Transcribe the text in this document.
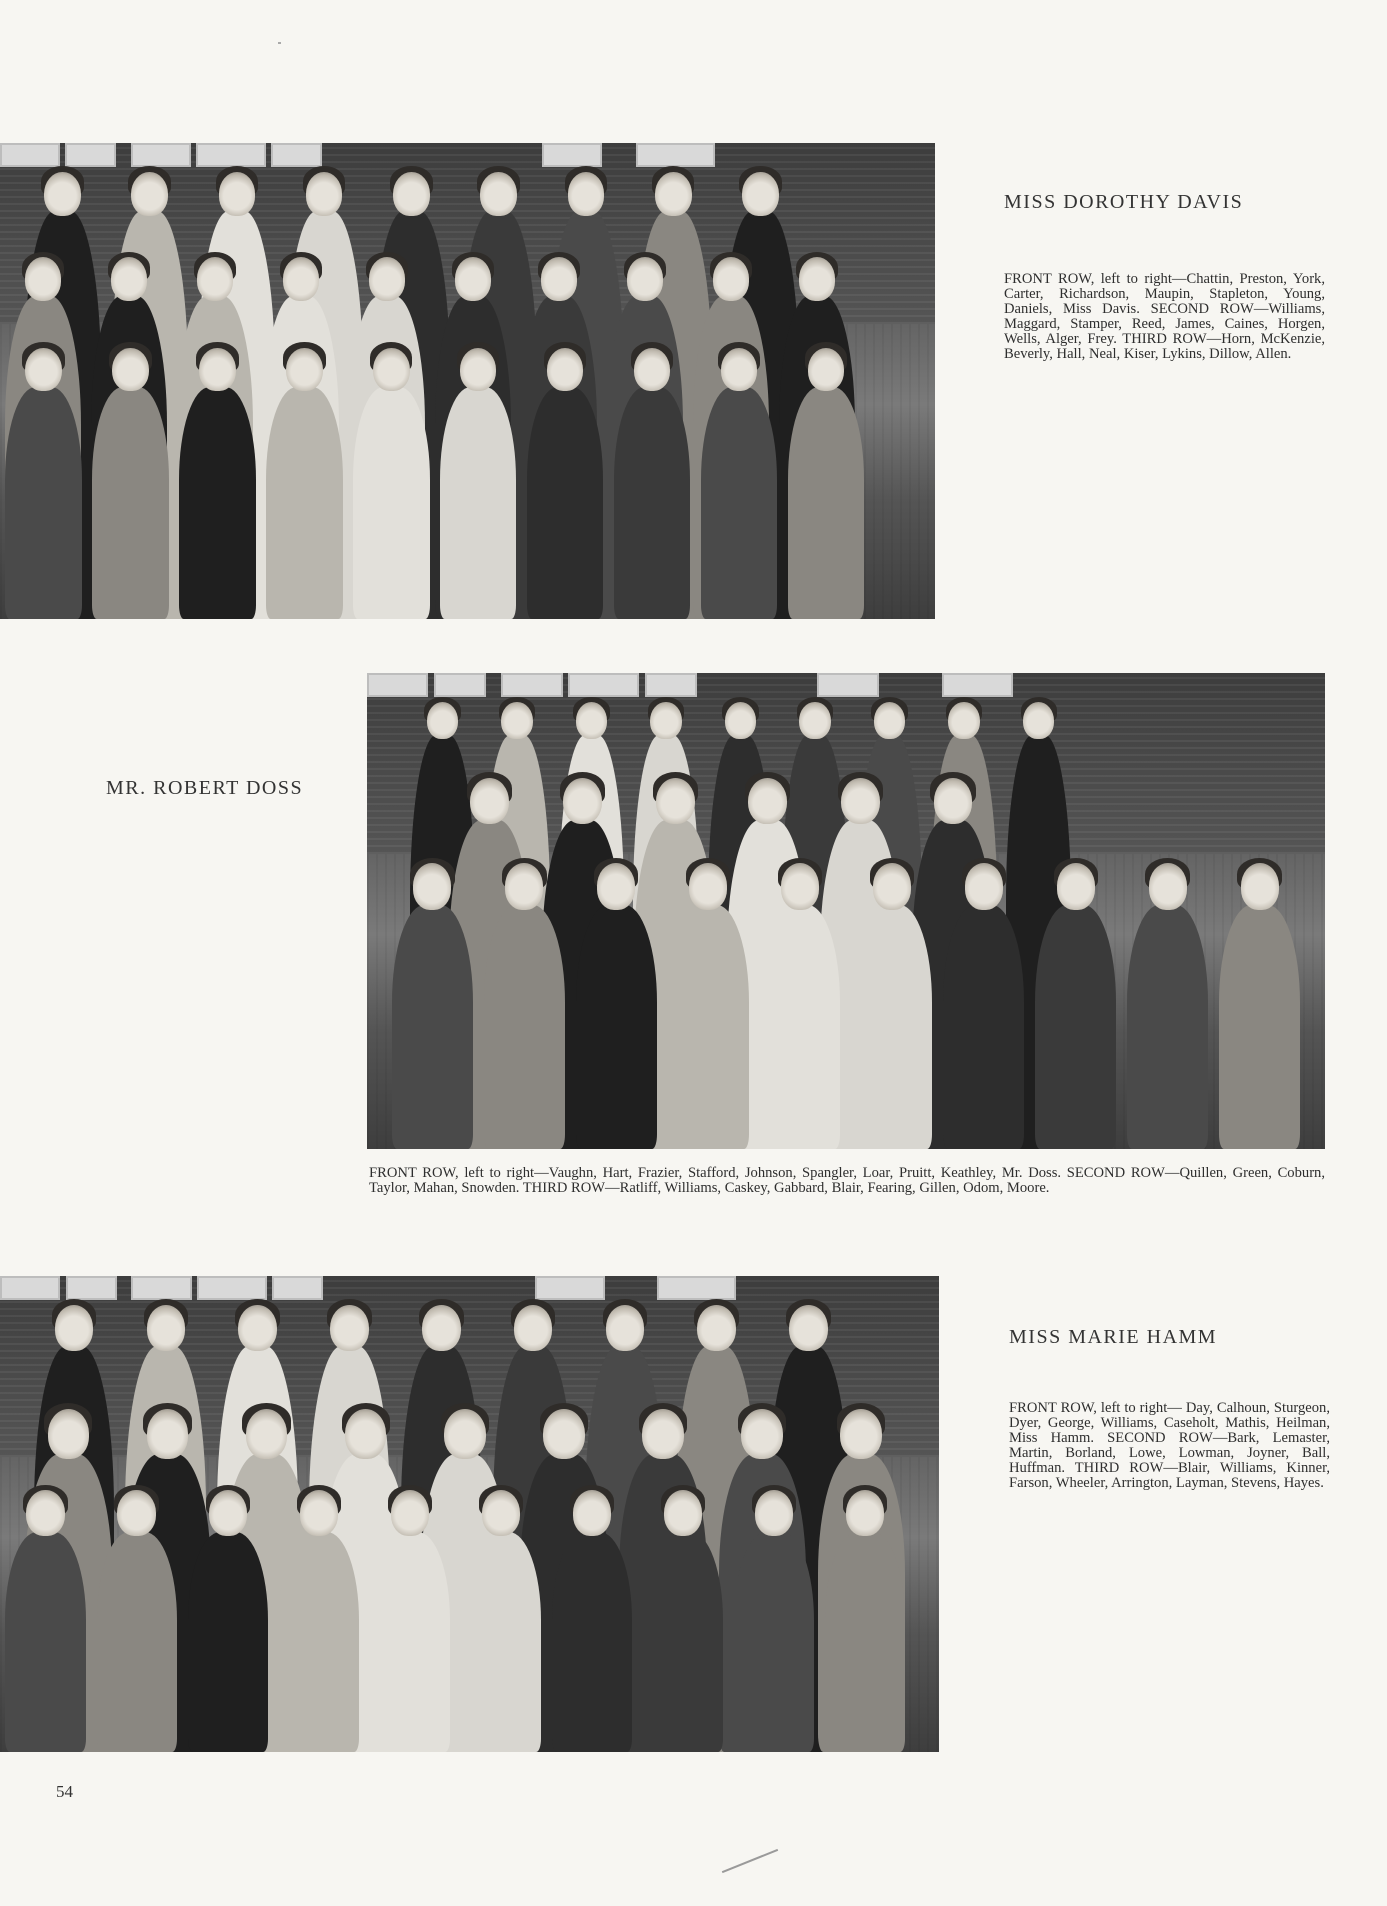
MISS DOROTHY DAVIS
FRONT ROW, left to right—Chattin, Preston, York, Carter, Richardson, Maupin, Stapleton, Young, Daniels, Miss Davis. SECOND ROW—Williams, Maggard, Stamper, Reed, James, Caines, Horgen, Wells, Alger, Frey. THIRD ROW—Horn, McKenzie, Beverly, Hall, Neal, Kiser, Lykins, Dillow, Allen.
MR. ROBERT DOSS
FRONT ROW, left to right—Vaughn, Hart, Frazier, Stafford, Johnson, Spangler, Loar, Pruitt, Keathley, Mr. Doss. SECOND ROW—Quillen, Green, Coburn, Taylor, Mahan, Snowden. THIRD ROW—Ratliff, Williams, Caskey, Gabbard, Blair, Fearing, Gillen, Odom, Moore.
MISS MARIE HAMM
FRONT ROW, left to right— Day, Calhoun, Sturgeon, Dyer, George, Williams, Caseholt, Mathis, Heilman, Miss Hamm. SECOND ROW—Bark, Lemaster, Martin, Borland, Lowe, Lowman, Joyner, Ball, Huffman. THIRD ROW—Blair, Williams, Kinner, Farson, Wheeler, Arrington, Layman, Stevens, Hayes.
54
